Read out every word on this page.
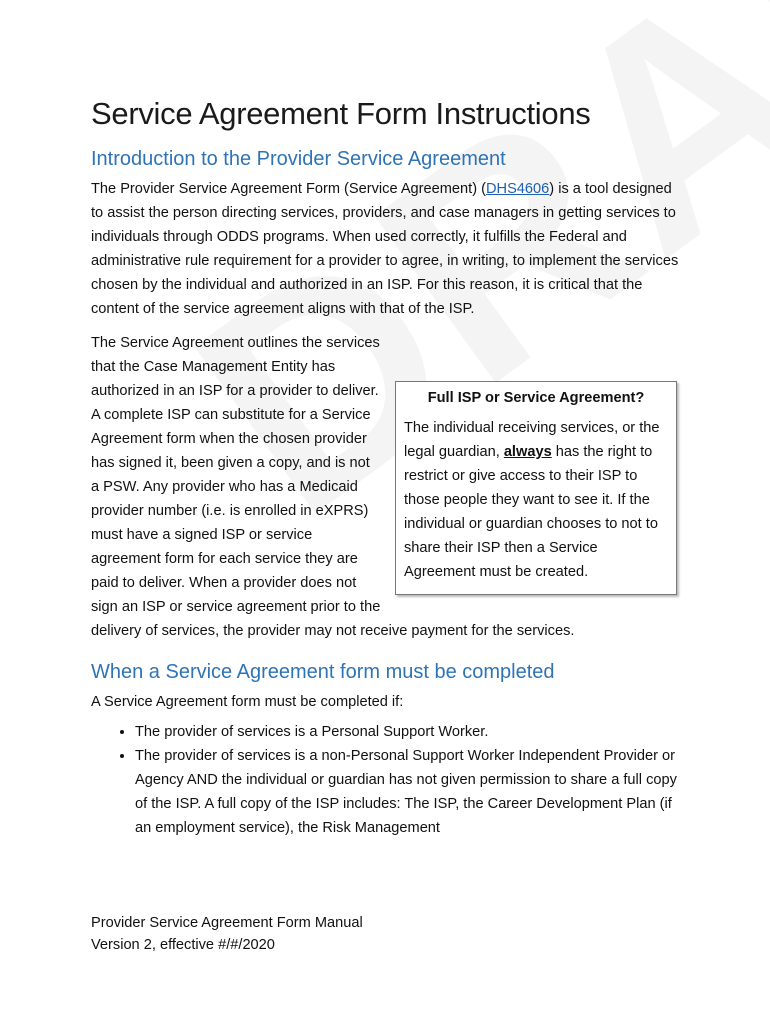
Service Agreement Form Instructions
Introduction to the Provider Service Agreement

The Provider Service Agreement Form (Service Agreement) (DHS4606) is a tool designed to assist the person directing services, providers, and case managers in getting services to individuals through ODDS programs. When used correctly, it fulfills the Federal and administrative rule requirement for a provider to agree, in writing, to implement the services chosen by the individual and authorized in an ISP. For this reason, it is critical that the content of the service agreement aligns with that of the ISP.

Full ISP or Service Agreement?

The individual receiving services, or the legal guardian, always has the right to restrict or give access to their ISP to those people they want to see it. If the individual or guardian chooses to not to share their ISP then a Service Agreement must be created.

The Service Agreement outlines the services that the Case Management Entity has authorized in an ISP for a provider to deliver. A complete ISP can substitute for a Service Agreement form when the chosen provider has signed it, been given a copy, and is not a PSW. Any provider who has a Medicaid provider number (i.e. is enrolled in eXPRS) must have a signed ISP or service agreement form for each service they are paid to deliver. When a provider does not sign an ISP or service agreement prior to the delivery of services, the provider may not receive payment for the services.

When a Service Agreement form must be completed

A Service Agreement form must be completed if:

• The provider of services is a Personal Support Worker.
• The provider of services is a non-Personal Support Worker Independent Provider or Agency AND the individual or guardian has not given permission to share a full copy of the ISP. A full copy of the ISP includes: The ISP, the Career Development Plan (if an employment service), the Risk Management
Provider Service Agreement Form Manual
Version 2, effective #/#/2020
